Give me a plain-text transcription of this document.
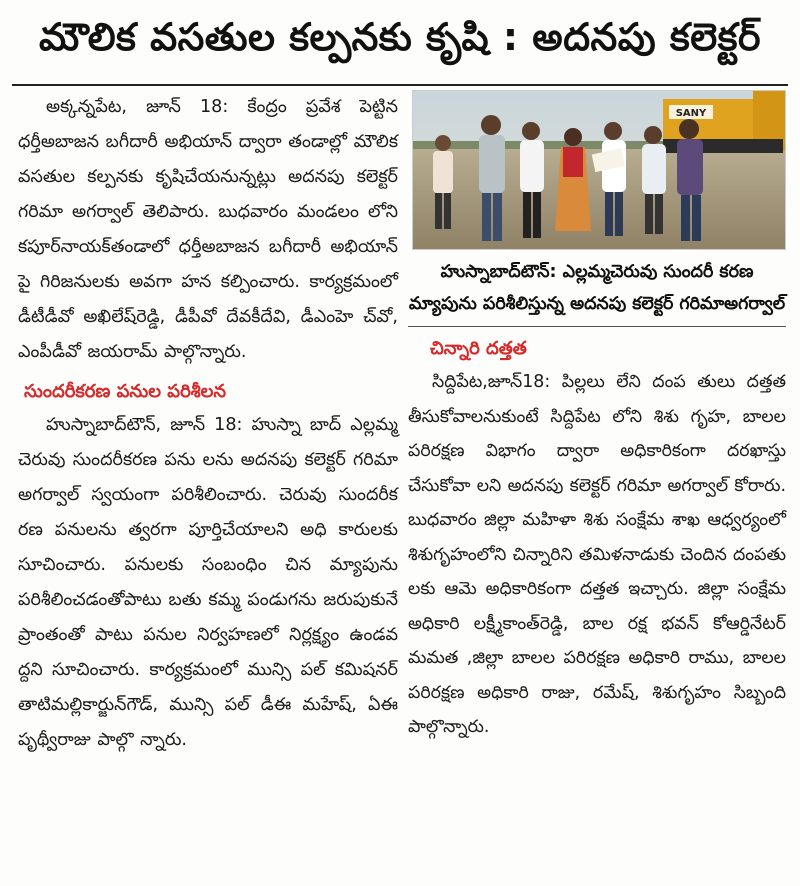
మౌలిక వసతుల కల్పనకు కృషి : అదనపు కలెక్టర్

అక్కన్నపేట, జూన్ 18: కేంద్రం ప్రవేశ పెట్టిన ధర్తీఅబాజన బగీదారీ అభియాన్ ద్వారా తండాల్లో మౌలిక వసతుల కల్పనకు కృషిచేయనున్నట్లు అదనపు కలెక్టర్ గరిమా అగర్వాల్ తెలిపారు. బుధవారం మండలం లోని కపూర్‌నాయక్‌తండాలో ధర్తీఅబాజన బగీదారీ అభియాన్ పై గిరిజనులకు అవగా హన కల్పించారు. కార్యక్రమంలో డీటీడీవో అఖిలేష్‌రెడ్డి, డీపీవో దేవకీదేవి, డీఎంహె చ్‌వో, ఎంపీడీవో జయరామ్ పాల్గొన్నారు.

సుందరీకరణ పనుల పరిశీలన

హుస్నాబాద్‌టౌన్, జూన్ 18: హుస్నా బాద్ ఎల్లమ్మ చెరువు సుందరీకరణ పను లను అదనపు కలెక్టర్ గరిమా అగర్వాల్ స్వయంగా పరిశీలించారు. చెరువు సుందరీక రణ పనులను త్వరగా పూర్తిచేయాలని అధి కారులకు సూచించారు. పనులకు సంబంధిం చిన మ్యాపును పరిశీలించడంతోపాటు బతు కమ్మ పండుగను జరుపుకునే ప్రాంతంతో పాటు పనుల నిర్వహణలో నిర్లక్ష్యం ఉండవ ద్దని సూచించారు. కార్యక్రమంలో మున్సి పల్ కమిషనర్ తాటిమల్లికార్జున్‌గౌడ్, మున్సి పల్ డీఈ మహేష్, ఏఈ పృథ్వీరాజు పాల్గొ న్నారు.

SANY
హుస్నాబాద్‌టౌన్: ఎల్లమ్మచెరువు సుందరీ కరణ మ్యాపును పరిశీలిస్తున్న అదనపు కలెక్టర్ గరిమాఅగర్వాల్
చిన్నారి దత్తత

సిద్దిపేట,జూన్18: పిల్లలు లేని దంప తులు దత్తత తీసుకోవాలనుకుంటే సిద్దిపేట లోని శిశు గృహ, బాలల పరిరక్షణ విభాగం ద్వారా అధికారికంగా దరఖాస్తు చేసుకోవా లని అదనపు కలెక్టర్ గరిమా అగర్వాల్ కోరారు. బుధవారం జిల్లా మహిళా శిశు సంక్షేమ శాఖ ఆధ్వర్యంలో శిశుగృహంలోని చిన్నారిని తమిళనాడుకు చెందిన దంపతు లకు ఆమె అధికారికంగా దత్తత ఇచ్చారు. జిల్లా సంక్షేమ అధికారి లక్ష్మీకాంత్‌రెడ్డి, బాల రక్ష భవన్ కోఆర్డినేటర్ మమత ,జిల్లా బాలల పరిరక్షణ అధికారి రాము, బాలల పరిరక్షణ అధికారి రాజు, రమేష్, శిశుగృహం సిబ్బంది పాల్గొన్నారు.
